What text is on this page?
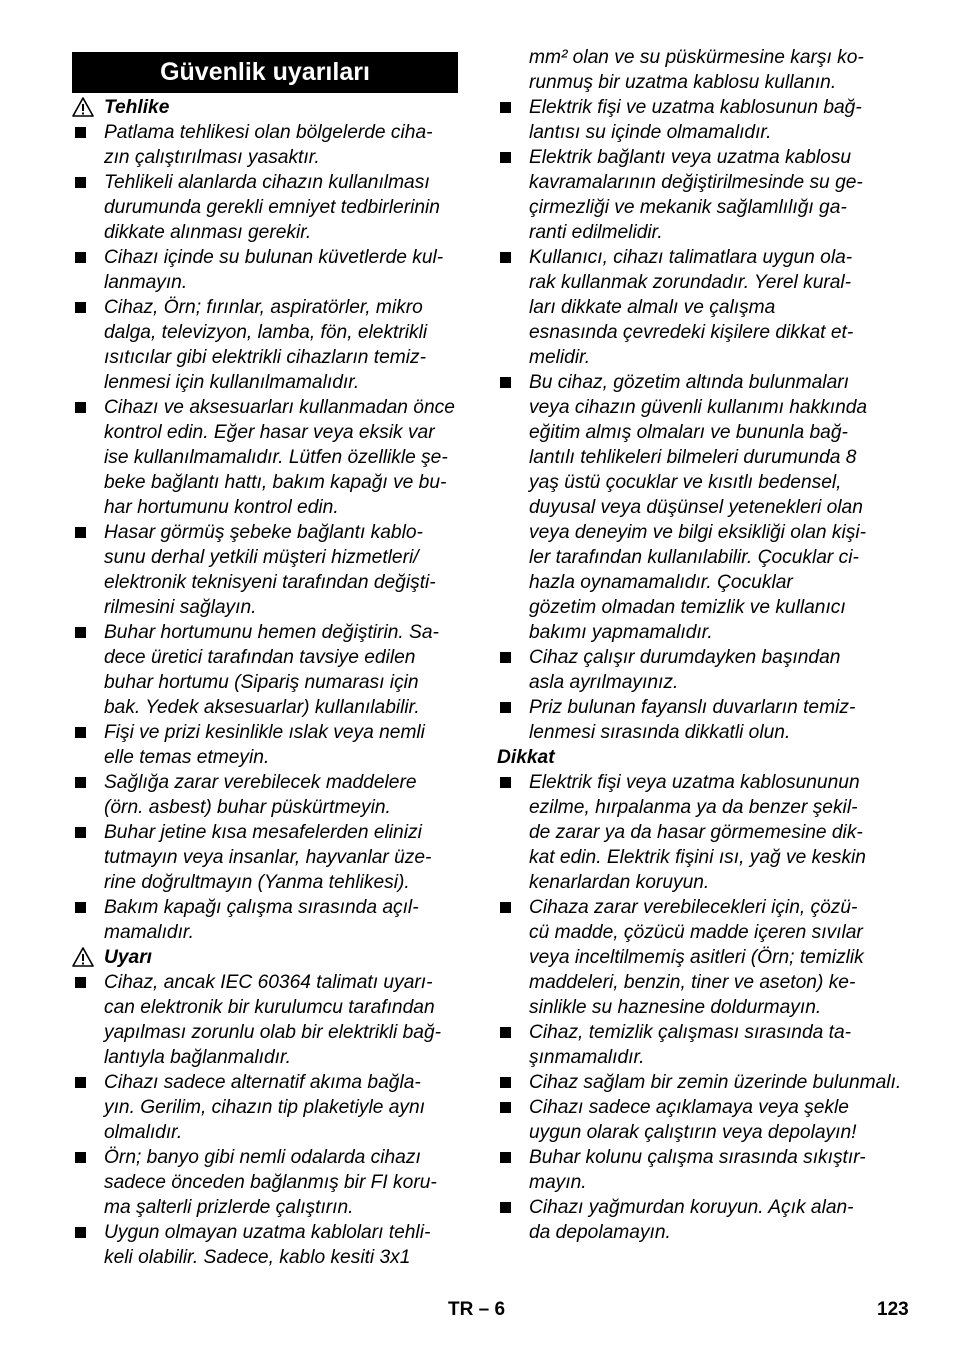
Güvenlik uyarıları
Tehlike
Patlama tehlikesi olan bölgelerde cihа-
zın çalıştırılması yasaktır.
Tehlikeli alanlarda cihazın kullanılması
durumunda gerekli emniyet tedbirlerinin
dikkate alınması gerekir.
Cihazı içinde su bulunan küvetlerde kul-
lanmayın.
Cihaz, Örn; fırınlar, aspiratörler, mikro
dalga, televizyon, lamba, fön, elektrikli
ısıtıcılar gibi elektrikli cihazların temiz-
lenmesi için kullanılmamalıdır.
Cihazı ve aksesuarları kullanmadan önce
kontrol edin. Eğer hasar veya eksik var
ise kullanılmamalıdır. Lütfen özellikle şe-
beke bağlantı hattı, bakım kapağı ve bu-
har hortumunu kontrol edin.
Hasar görmüş şebeke bağlantı kablo-
sunu derhal yetkili müşteri hizmetleri/
elektronik teknisyeni tarafından değişti-
rilmesini sağlayın.
Buhar hortumunu hemen değiştirin. Sa-
dece üretici tarafından tavsiye edilen
buhar hortumu (Sipariş numarası için
bak. Yedek aksesuarlar) kullanılabilir.
Fişi ve prizi kesinlikle ıslak veya nemli
elle temas etmeyin.
Sağlığa zarar verebilecek maddelere
(örn. asbest) buhar püskürtmeyin.
Buhar jetine kısa mesafelerden elinizi
tutmayın veya insanlar, hayvanlar üze-
rine doğrultmayın (Yanma tehlikesi).
Bakım kapağı çalışma sırasında açıl-
mamalıdır.
Uyarı
Cihaz, ancak IEC 60364 talimatı uyarı-
can elektronik bir kurulumcu tarafından
yapılması zorunlu olab bir elektrikli bağ-
lantıyla bağlanmalıdır.
Cihazı sadece alternatif akıma bağla-
yın. Gerilim, cihazın tip plaketiyle aynı
olmalıdır.
Örn; banyo gibi nemli odalarda cihazı
sadece önceden bağlanmış bir FI koru-
ma şalterli prizlerde çalıştırın.
Uygun olmayan uzatma kabloları tehli-
keli olabilir. Sadece, kablo kesiti 3x1
mm² olan ve su püskürmesine karşı ko-
runmuş bir uzatma kablosu kullanın.
Elektrik fişi ve uzatma kablosunun bağ-
lantısı su içinde olmamalıdır.
Elektrik bağlantı veya uzatma kablosu
kavramalarının değiştirilmesinde su ge-
çirmezliği ve mekanik sağlamlılığı ga-
ranti edilmelidir.
Kullanıcı, cihazı talimatlara uygun ola-
rak kullanmak zorundadır. Yerel kural-
ları dikkate almalı ve çalışma
esnasında çevredeki kişilere dikkat et-
melidir.
Bu cihaz, gözetim altında bulunmaları
veya cihazın güvenli kullanımı hakkında
eğitim almış olmaları ve bununla bağ-
lantılı tehlikeleri bilmeleri durumunda 8
yaş üstü çocuklar ve kısıtlı bedensel,
duyusal veya düşünsel yetenekleri olan
veya deneyim ve bilgi eksikliği olan kişi-
ler tarafından kullanılabilir. Çocuklar ci-
hazla oynamamalıdır. Çocuklar
gözetim olmadan temizlik ve kullanıcı
bakımı yapmamalıdır.
Cihaz çalışır durumdayken başından
asla ayrılmayınız.
Priz bulunan fayanslı duvarların temiz-
lenmesi sırasında dikkatli olun.
Dikkat
Elektrik fişi veya uzatma kablosununun
ezilme, hırpalanma ya da benzer şekil-
de zarar ya da hasar görmemesine dik-
kat edin. Elektrik fişini ısı, yağ ve keskin
kenarlardan koruyun.
Cihaza zarar verebilecekleri için, çözü-
cü madde, çözücü madde içeren sıvılar
veya inceltilmemiş asitleri (Örn; temizlik
maddeleri, benzin, tiner ve aseton) ke-
sinlikle su haznesine doldurmayın.
Cihaz, temizlik çalışması sırasında ta-
şınmamalıdır.
Cihaz sağlam bir zemin üzerinde bulunmalı.
Cihazı sadece açıklamaya veya şekle
uygun olarak çalıştırın veya depolayın!
Buhar kolunu çalışma sırasında sıkıştır-
mayın.
Cihazı yağmurdan koruyun. Açık alan-
da depolamayın.
TR – 6	123
